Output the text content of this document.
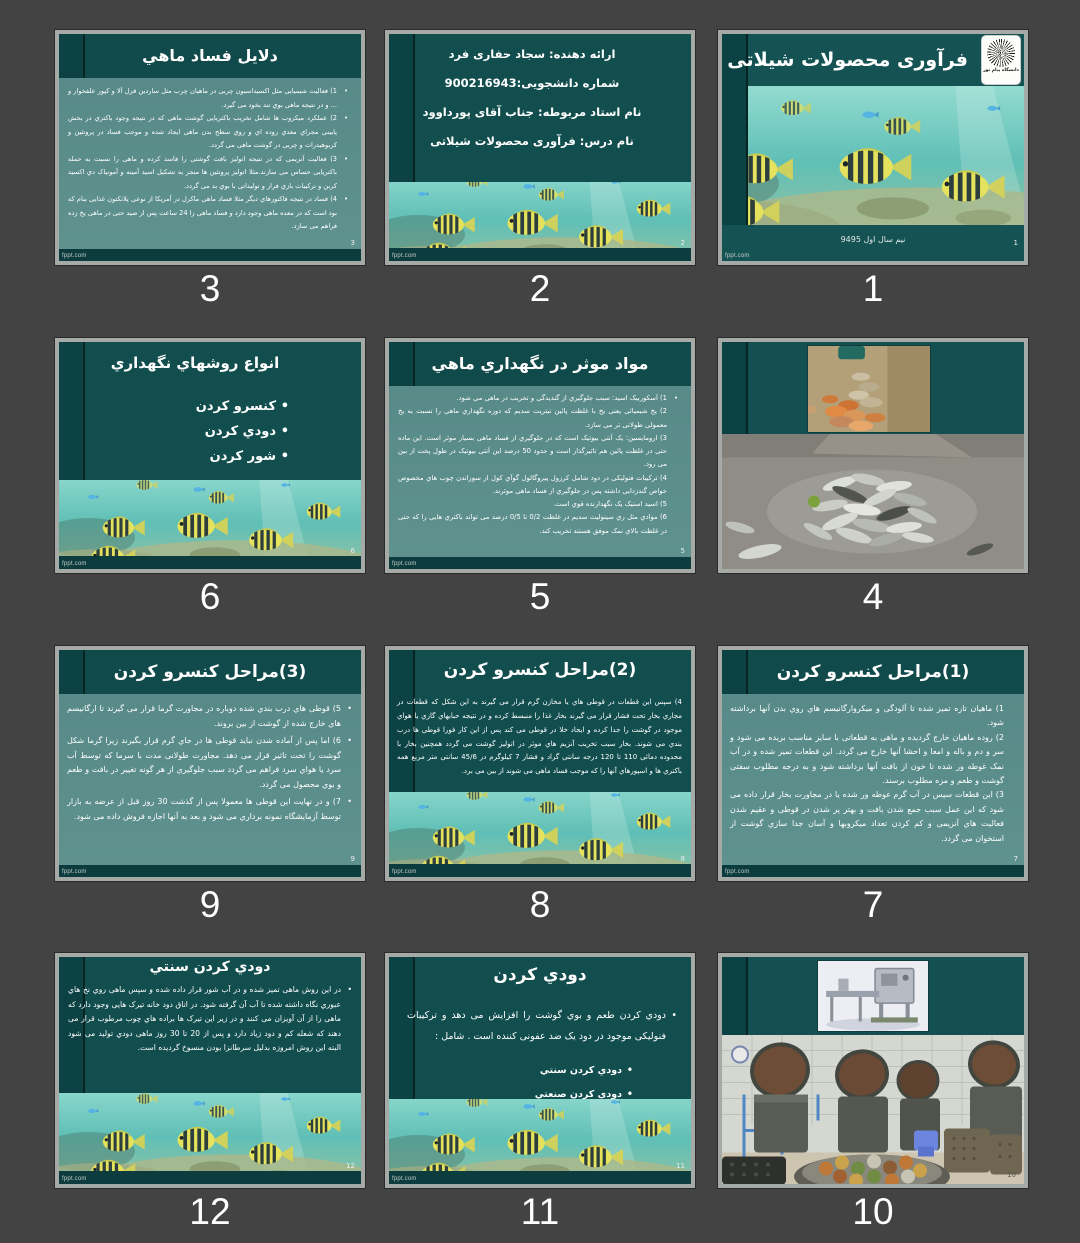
دلایل فساد ماهي
• 1) فعالیت شیمیایی مثل اکسیداسیون چربی در ماهیان چرب مثل ساردین قزل آلا و کپور علفخوار و ... و در نتیجه ماهی بوي تند بخود می گیرد.
• 2) عملکرد میکروب ها شامل تخریب باکتریایی گوشت ماهی که در نتیجه وجود باکتري در بخش پایینی مجراي معدي روده اي و روي سطح بدن ماهی ایجاد شده و موجب فساد در پروتئین و کربوهیدرات و چربی در گوشت ماهی می گردد.
• 3) فعالیت آنزیمی که در نتیجه اتولیز بافت گوشتی را فاسد کرده و ماهی را نسبت به حمله باکتریایی حساس می سازند.مثلا اتولیز پروتئین ها منجر به تشکیل اسید آمینه و آمونیاک دي اکسید کربن و ترکیبات بازي فرار و تولیداتی با بوي بد می گردد.
• 4) فساد در نتیجه فاکتورهاي دیگر مثلا فساد ماهی ماکرل در آمریکا از نوعی پلانکتون غذایی بنام که بود است که در معده ماهی وجود دارد و فساد ماهی را 24 ساعت پس از صید حتی در ماهی یخ زده فراهم می سازد.
3
fppt.com
3
ارائه دهنده: سجاد حفاری فرد
شماره دانشجویی:900216943
نام استاد مربوطه: جناب آقای پورداوود
نام درس: فرآوری محصولات شیلاتی
2
fppt.com
2
فرآوری محصولات شیلاتی	دانشگاه پیام نور
نیم سال اول 9495	1
fppt.com
1
انواع روشهاي نگهداري
• کنسرو کردن
• دودي کردن
• شور کردن
6
fppt.com
6
مواد موثر در نگهداري ماهي
• 1) آسکوربیک اسید: سبب جلوگیري از گندیدگی و تخریب در ماهی می شود.
2) یخ شیمیائی یعنی یخ با غلظت پائین نیتریت سدیم که دوره نگهداري ماهی را نسبت به یخ معمولی طولانی تر می سازد.
3) ارومایسین: یک آنتی بیوتیک است که در جلوگیري از فساد ماهی بسیار موثر است. این ماده حتی در غلظت پائین هم تاثیرگذار است و حدود 50 درصد این آنتی بیوتیک در طول پخت از بین می رود.
4) ترکیبات فنولیکی در دود شامل کرزول پیروگالول گوآي کول از سوزاندن چوب هاي مخصوص خواص گندزدایی داشته پس در جلوگیري از فساد ماهی موثرند.
5) اسید استیک یک نگهدارنده قوي است.
6) موادي مثل ري سینولیت سدیم در غلظت 0/2 تا 0/5 درصد می تواند باکتري هایی را که حتی در غلظت بالاي نمک موفق هستند تخریب کند.
5
fppt.com
5	4
(3)مراحل کنسرو کردن
• 5) قوطی هاي درب بندي شده دوباره در مجاورت گرما قرار می گیرند تا ارگانیسم هاي خارج شده از گوشت از بین بروند.
• 6) اما پس از آماده شدن نباید قوطی ها در جاي گرم قرار بگیرند زیرا گرما شکل گوشت را تحت تاثیر قرار می دهد. مجاورت طولانی مدت با سرما که توسط آب سرد یا هواي سرد فراهم می گردد سبب جلوگیري از هر گونه تغییر در بافت و طعم و بوي محصول می گردد.
• 7) و در نهایت این قوطی ها معمولا پس از گذشت 30 روز قبل از عرضه به بازار توسط آزمایشگاه نمونه برداري می شود و بعد به آنها اجازه فروش داده می شود.
9
fppt.com
9
(2)مراحل کنسرو کردن
4) سپس این قطعات در قوطی هاي یا مخازن گرم قرار می گیرند به این شکل که قطعات در مجاري بخار تحت فشار قرار می گیرند بخار غذا را منبسط کرده و در نتیجه حبابهاي گازي یا هواي موجود در گوشت را جدا کرده و ایجاد خلا در قوطی می کند پس از این کار فورا قوطی ها درب بندي می شوند. بخار سبب تخریب آنزیم هاي موثر در اتولیز گوشت می گردد همچنین بخار با محدوده دمائی 110 تا 120 درجه سانتی گراد و فشار 7 کیلوگرم در 45/6 سانتی متر مربع همه باکتري ها و اسپورهاي آنها را که موجب فساد ماهی می شوند از بین می برد.
8
fppt.com
8
(1)مراحل کنسرو کردن
1) ماهیان تازه تمیز شده تا آلودگی و میکروارگانیسم هاي روي بدن آنها برداشته شود.
2) روده ماهیان خارج گردیده و ماهی به قطعاتی با سایز مناسب بریده می شود و سر و دم و باله و امعا و احشا آنها خارج می گردد. این قطعات تمیز شده و در آب نمک غوطه ور شده تا خون از بافت آنها برداشته شود و به درجه مطلوب سفتی گوشت و طعم و مزه مطلوب برسند.
3) این قطعات سپس در آب گرم غوطه ور شده یا در مجاورت بخار قرار داده می شود که این عمل سبب جمع شدن بافت و بهتر پر شدن در قوطی و عقیم شدن فعالیت هاي آنزیمی و کم کردن تعداد میکروبها و آسان جدا سازي گوشت از استخوان می گردد.
7
fppt.com
7
دودي کردن سنتي
• در این روش ماهی تمیز شده و در آب شور قرار داده شده و سپس ماهی روي نخ هاي عبوري نگاه داشته شده تا آب آن گرفته شود. در اتاق دود خانه تیرک هایی وجود دارد که ماهی را از آن آویزان می کنند و در زیر این تیرک ها براده هاي چوب مرطوب قرار می دهند که شعله کم و دود زیاد دارد و پس از 20 تا 30 روز ماهی دودي تولید می شود البته این روش امروزه بدلیل سرطانزا بودن منسوخ گردیده است.
12
fppt.com
12
دودي کردن
• دودي کردن طعم و بوي گوشت را افزایش می دهد و ترکیبات فنولیکی موجود در دود یک ضد عفونی کننده است . شامل :
• دودي کردن سنتي
• دودي کردن صنعتي
11
fppt.com
11
10
10
